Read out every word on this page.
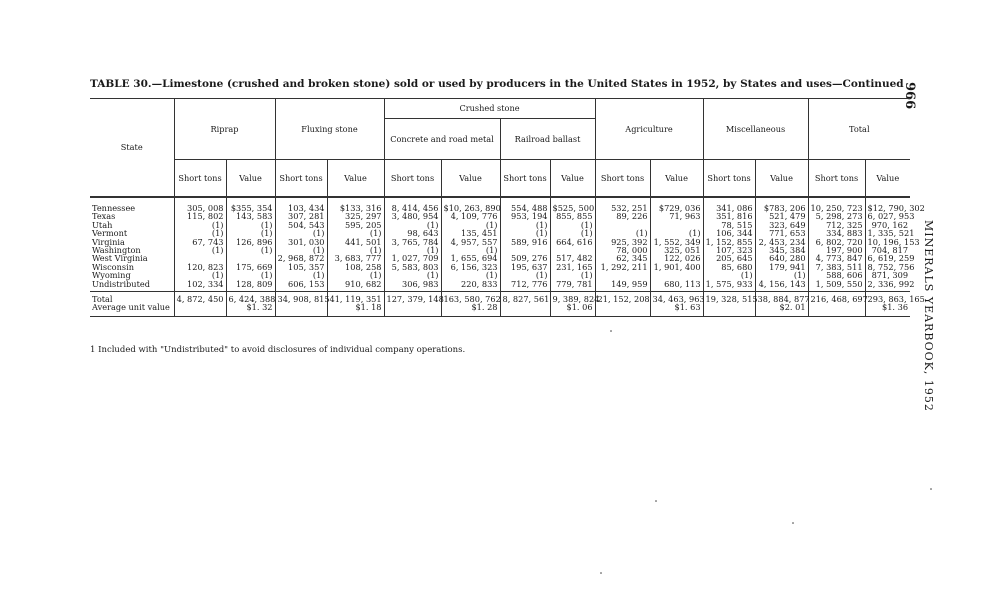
966
MINERALS YEARBOOK, 1952
TABLE 30.—Limestone (crushed and broken stone) sold or used by producers in the United States in 1952, by States and uses—Continued
State	Riprap		Fluxing stone		Crushed stone				Agriculture		Miscellaneous		Total	
					Concrete and road metal		Railroad ballast							
	Short tons	Value	Short tons	Value	Short tons	Value	Short tons	Value	Short tons	Value	Short tons	Value	Short tons	Value

Tennessee	305, 008	$355, 354	103, 434	$133, 316	8, 414, 456	$10, 263, 890	554, 488	$525, 500	532, 251	$729, 036	341, 086	$783, 206	10, 250, 723	$12, 790, 302
Texas	115, 802	143, 583	307, 281	325, 297	3, 480, 954	4, 109, 776	953, 194	855, 855	89, 226	71, 963	351, 816	521, 479	5, 298, 273	6, 027, 953
Utah	(1)	(1)	504, 543	595, 205	(1)	(1)	(1)	(1)			78, 515	323, 649	712, 325	970, 162
Vermont	(1)	(1)	(1)	(1)	98, 643	135, 451	(1)	(1)	(1)	(1)	106, 344	771, 653	334, 883	1, 335, 521
Virginia	67, 743	126, 896	301, 030	441, 501	3, 765, 784	4, 957, 557	589, 916	664, 616	925, 392	1, 552, 349	1, 152, 855	2, 453, 234	6, 802, 720	10, 196, 153
Washington	(1)	(1)	(1)	(1)	(1)	(1)			78, 000	325, 051	107, 323	345, 384	197, 900	704, 817
West Virginia			2, 968, 872	3, 683, 777	1, 027, 709	1, 655, 694	509, 276	517, 482	62, 345	122, 026	205, 645	640, 280	4, 773, 847	6, 619, 259
Wisconsin	120, 823	175, 669	105, 357	108, 258	5, 583, 803	6, 156, 323	195, 637	231, 165	1, 292, 211	1, 901, 400	85, 680	179, 941	7, 383, 511	8, 752, 756
Wyoming	(1)	(1)	(1)	(1)	(1)	(1)	(1)	(1)			(1)	(1)	588, 606	871, 309
Undistributed	102, 334	128, 809	606, 153	910, 682	306, 983	220, 833	712, 776	779, 781	149, 959	680, 113	1, 575, 933	4, 156, 143	1, 509, 550	2, 336, 992
Total	4, 872, 450	6, 424, 388	34, 908, 815	41, 119, 351	127, 379, 148	163, 580, 762	8, 827, 561	9, 389, 824	21, 152, 208	34, 463, 963	19, 328, 515	38, 884, 877	216, 468, 697	293, 863, 165
Average unit value		$1. 32		$1. 18		$1. 28		$1. 06		$1. 63		$2. 01		$1. 36
1 Included with "Undistributed" to avoid disclosures of individual company operations.
